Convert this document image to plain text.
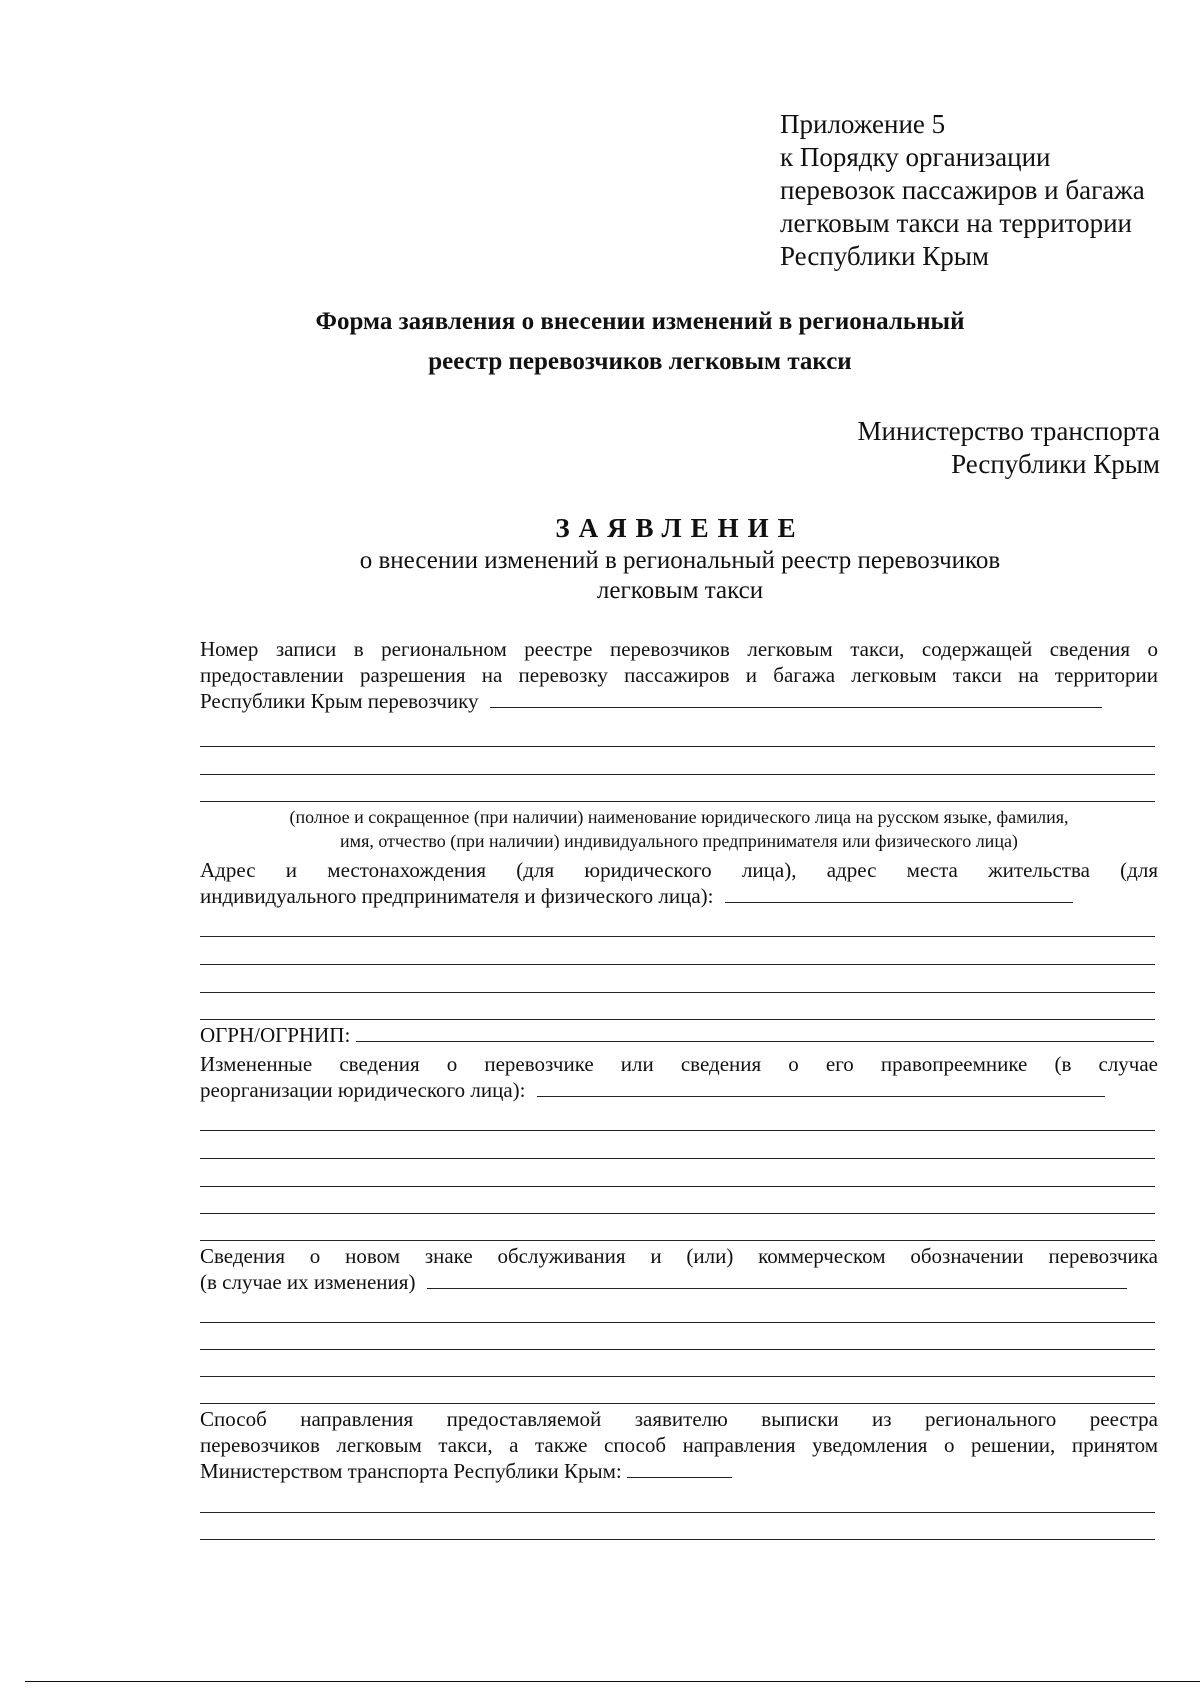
Приложение 5
к Порядку организации
перевозок пассажиров и багажа
легковым такси на территории
Республики Крым
Форма заявления о внесении изменений в региональный
реестр перевозчиков легковым такси
Министерство транспорта
Республики Крым
ЗАЯВЛЕНИЕ
о внесении изменений в региональный реестр перевозчиков
легковым такси
Номер записи в региональном реестре перевозчиков легковым такси, содержащей сведения о
предоставлении разрешения на перевозку пассажиров и багажа легковым такси на территории
Республики Крым перевозчику
(полное и сокращенное (при наличии) наименование юридического лица на русском языке, фамилия,
имя, отчество (при наличии) индивидуального предпринимателя или физического лица)
Адрес и местонахождения (для юридического лица), адрес места жительства (для
индивидуального предпринимателя и физического лица):
ОГРН/ОГРНИП:
Измененные сведения о перевозчике или сведения о его правопреемнике (в случае
реорганизации юридического лица):
Сведения о новом знаке обслуживания и (или) коммерческом обозначении перевозчика
(в случае их изменения)
Способ направления предоставляемой заявителю выписки из регионального реестра
перевозчиков легковым такси, а также способ направления уведомления о решении, принятом
Министерством транспорта Республики Крым:
